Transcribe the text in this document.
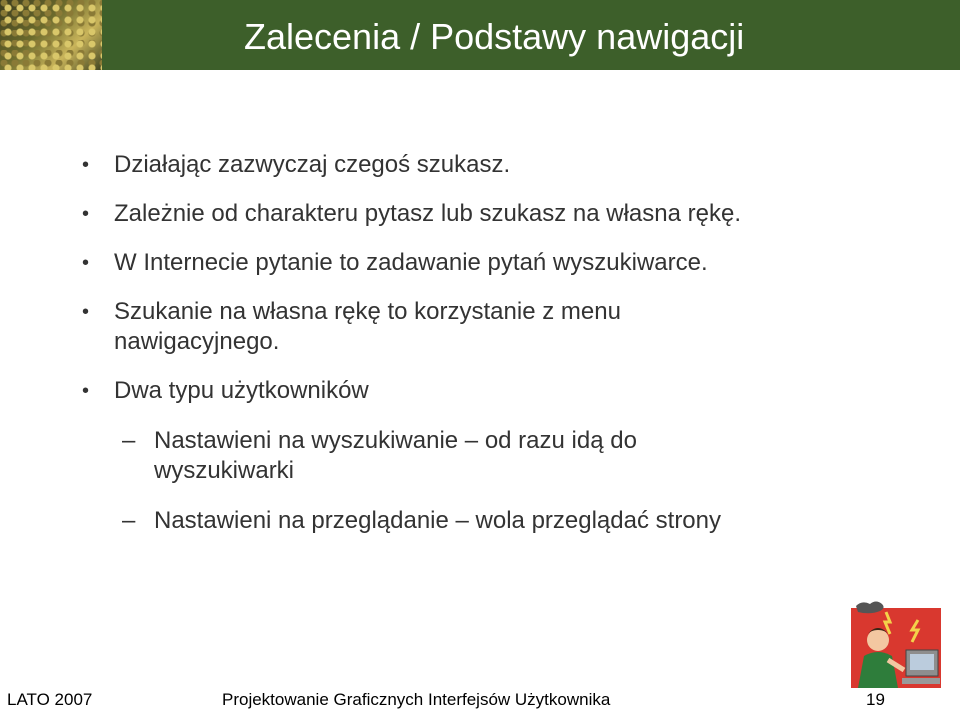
Zalecenia / Podstawy nawigacji
• Działając zazwyczaj czegoś szukasz.
• Zależnie od charakteru pytasz lub szukasz na własna rękę.
• W Internecie pytanie to zadawanie pytań wyszukiwarce.
• Szukanie na własna rękę to korzystanie z menu nawigacyjnego.
• Dwa typu użytkowników
– Nastawieni na wyszukiwanie – od razu idą do wyszukiwarki
– Nastawieni na przeglądanie – wola przeglądać strony
LATO 2007	Projektowanie Graficznych Interfejsów Użytkownika	19
